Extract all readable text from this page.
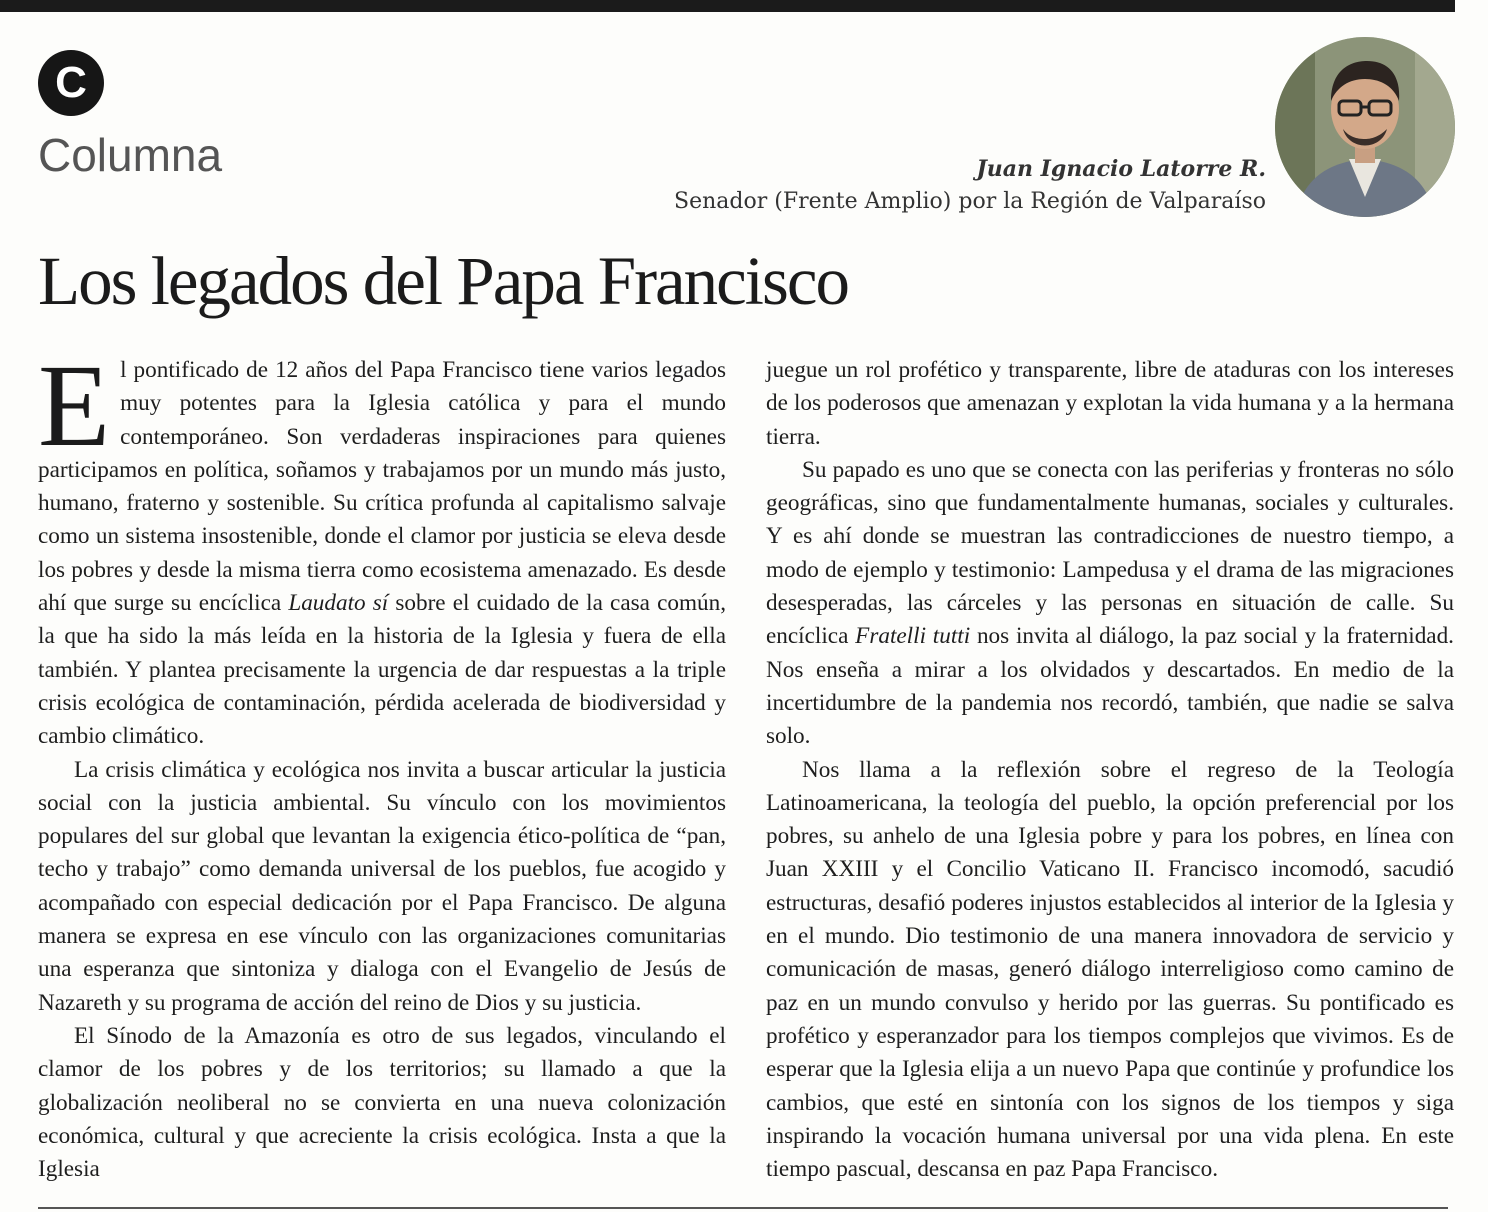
C
Columna	Juan Ignacio Latorre R.
Senador (Frente Amplio) por la Región de Valparaíso
Los legados del Papa Francisco

El pontificado de 12 años del Papa Francisco tiene varios legados muy potentes para la Iglesia católica y para el mundo contemporáneo. Son verdaderas inspiraciones para quienes participamos en política, soñamos y trabajamos por un mundo más justo, humano, fraterno y sostenible. Su crítica profunda al capitalismo salvaje como un sistema insostenible, donde el clamor por justicia se eleva desde los pobres y desde la misma tierra como ecosistema amenazado. Es desde ahí que surge su encíclica Laudato sí sobre el cuidado de la casa común, la que ha sido la más leída en la historia de la Iglesia y fuera de ella también. Y plantea precisamente la urgencia de dar respuestas a la triple crisis ecológica de contaminación, pérdida acelerada de biodiversidad y cambio climático.

La crisis climática y ecológica nos invita a buscar articular la justicia social con la justicia ambiental. Su vínculo con los movimientos populares del sur global que levantan la exigencia ético-política de “pan, techo y trabajo” como demanda universal de los pueblos, fue acogido y acompañado con especial dedicación por el Papa Francisco. De alguna manera se expresa en ese vínculo con las organizaciones comunitarias una esperanza que sintoniza y dialoga con el Evangelio de Jesús de Nazareth y su programa de acción del reino de Dios y su justicia.

El Sínodo de la Amazonía es otro de sus legados, vinculando el clamor de los pobres y de los territorios; su llamado a que la globalización neoliberal no se convierta en una nueva colonización económica, cultural y que acreciente la crisis ecológica. Insta a que la Iglesia

juegue un rol profético y transparente, libre de ataduras con los intereses de los poderosos que amenazan y explotan la vida humana y a la hermana tierra.

Su papado es uno que se conecta con las periferias y fronteras no sólo geográficas, sino que fundamentalmente humanas, sociales y culturales. Y es ahí donde se muestran las contradicciones de nuestro tiempo, a modo de ejemplo y testimonio: Lampedusa y el drama de las migraciones desesperadas, las cárceles y las personas en situación de calle. Su encíclica Fratelli tutti nos invita al diálogo, la paz social y la fraternidad. Nos enseña a mirar a los olvidados y descartados. En medio de la incertidumbre de la pandemia nos recordó, también, que nadie se salva solo.

Nos llama a la reflexión sobre el regreso de la Teología Latinoamericana, la teología del pueblo, la opción preferencial por los pobres, su anhelo de una Iglesia pobre y para los pobres, en línea con Juan XXIII y el Concilio Vaticano II. Francisco incomodó, sacudió estructuras, desafió poderes injustos establecidos al interior de la Iglesia y en el mundo. Dio testimonio de una manera innovadora de servicio y comunicación de masas, generó diálogo interreligioso como camino de paz en un mundo convulso y herido por las guerras. Su pontificado es profético y esperanzador para los tiempos complejos que vivimos. Es de esperar que la Iglesia elija a un nuevo Papa que continúe y profundice los cambios, que esté en sintonía con los signos de los tiempos y siga inspirando la vocación humana universal por una vida plena. En este tiempo pascual, descansa en paz Papa Francisco.
